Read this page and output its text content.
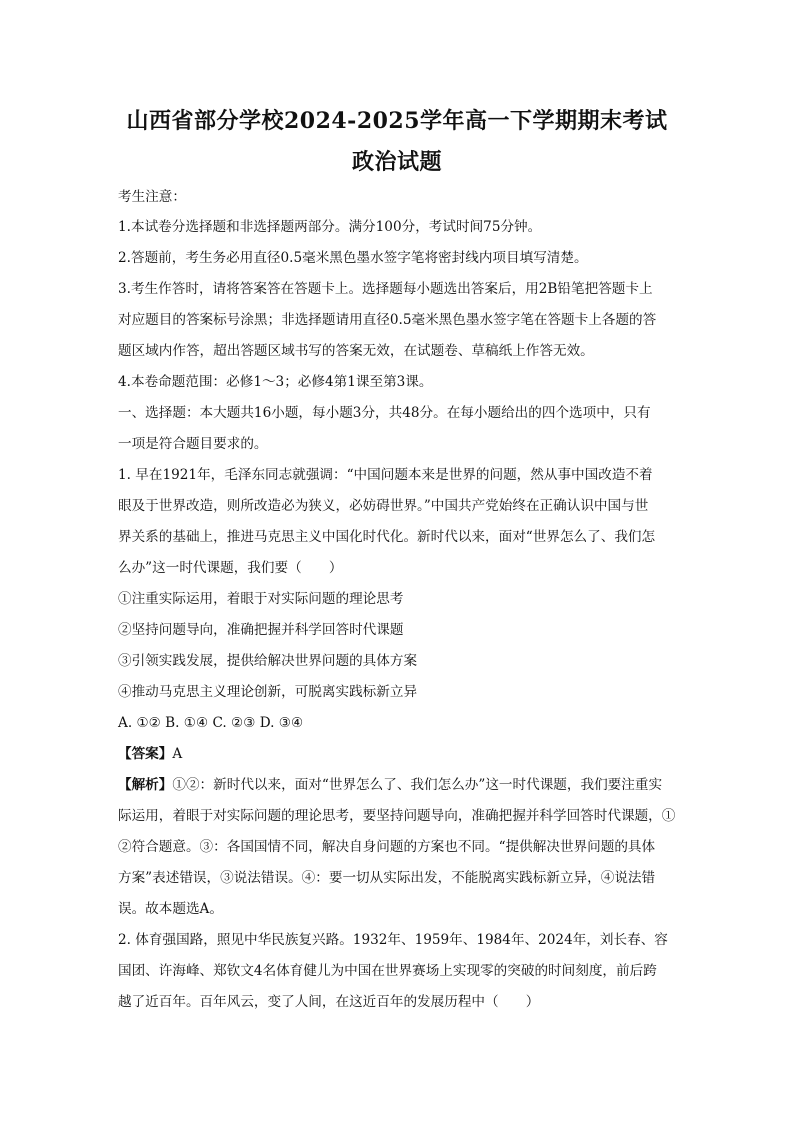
山西省部分学校2024-2025学年高一下学期期末考试
政治试题
考生注意：
1.本试卷分选择题和非选择题两部分。满分100分，考试时间75分钟。
2.答题前，考生务必用直径0.5毫米黑色墨水签字笔将密封线内项目填写清楚。
3.考生作答时，请将答案答在答题卡上。选择题每小题选出答案后，用2B铅笔把答题卡上
对应题目的答案标号涂黑；非选择题请用直径0.5毫米黑色墨水签字笔在答题卡上各题的答
题区域内作答，超出答题区域书写的答案无效，在试题卷、草稿纸上作答无效。
4.本卷命题范围：必修1～3；必修4第1课至第3课。
一、选择题：本大题共16小题，每小题3分，共48分。在每小题给出的四个选项中，只有
一项是符合题目要求的。
1. 早在1921年，毛泽东同志就强调：“中国问题本来是世界的问题，然从事中国改造不着
眼及于世界改造，则所改造必为狭义，必妨碍世界。”中国共产党始终在正确认识中国与世
界关系的基础上，推进马克思主义中国化时代化。新时代以来，面对“世界怎么了、我们怎
么办”这一时代课题，我们要（　　）
①注重实际运用，着眼于对实际问题的理论思考
②坚持问题导向，准确把握并科学回答时代课题
③引领实践发展，提供给解决世界问题的具体方案
④推动马克思主义理论创新，可脱离实践标新立异
A. ①② B. ①④ C. ②③ D. ③④
【答案】A
【解析】①②：新时代以来，面对“世界怎么了、我们怎么办”这一时代课题，我们要注重实
际运用，着眼于对实际问题的理论思考，要坚持问题导向，准确把握并科学回答时代课题，①
②符合题意。③：各国国情不同，解决自身问题的方案也不同。“提供解决世界问题的具体
方案”表述错误，③说法错误。④：要一切从实际出发，不能脱离实践标新立异，④说法错
误。故本题选A。
2. 体育强国路，照见中华民族复兴路。1932年、1959年、1984年、2024年，刘长春、容
国团、许海峰、郑钦文4名体育健儿为中国在世界赛场上实现零的突破的时间刻度，前后跨
越了近百年。百年风云，变了人间，在这近百年的发展历程中（　　）
